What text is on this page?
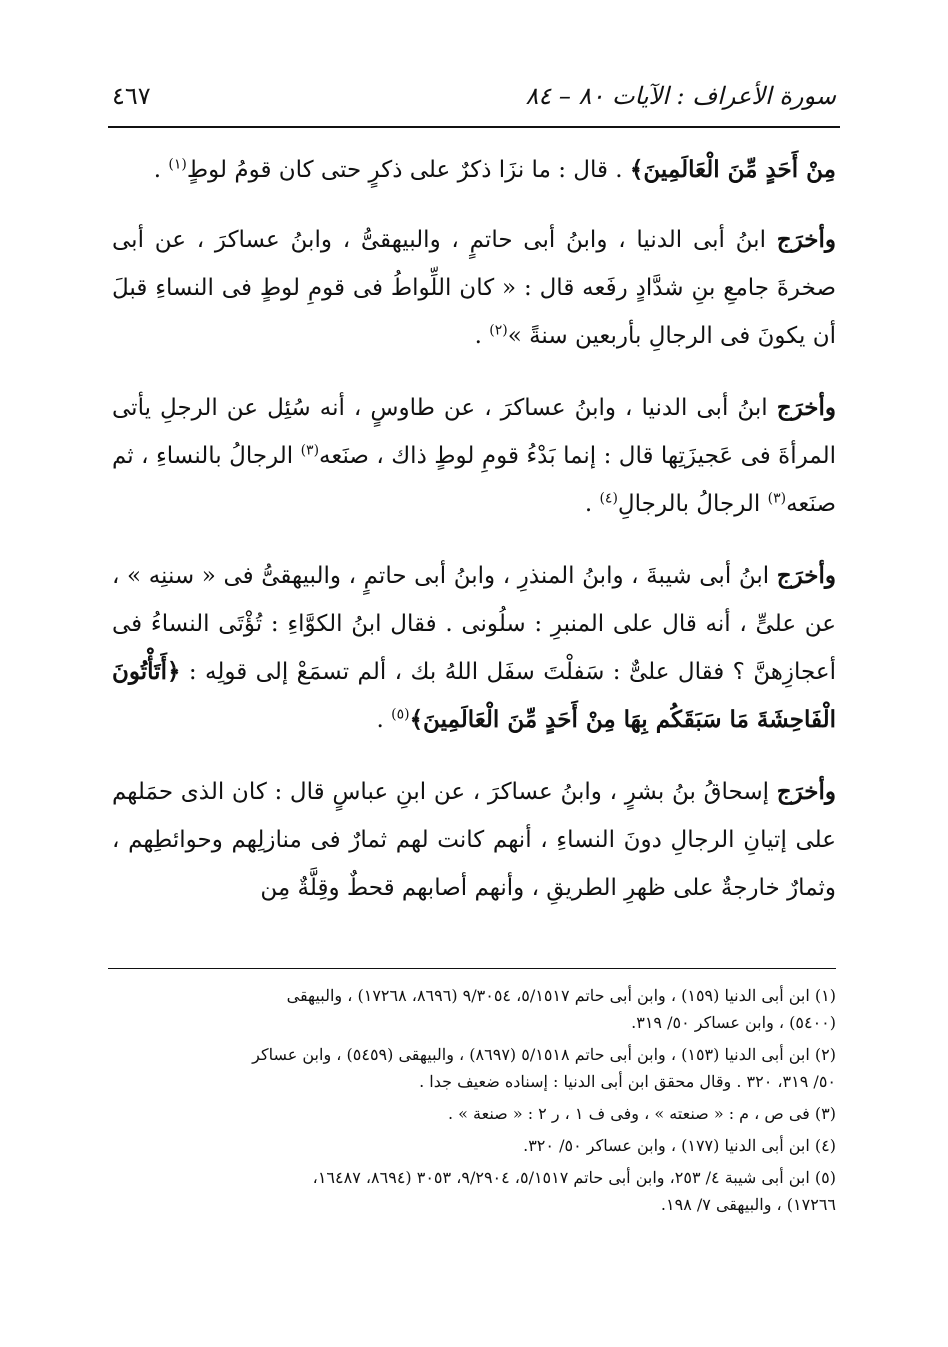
سورة الأعراف : الآيات ٨٠ – ٨٤
٤٦٧

مِنْ أَحَدٍ مِّنَ الْعَالَمِينَ﴾ . قال : ما نزَا ذكرٌ على ذكرٍ حتى كان قومُ لوطٍ$^{(١)}$ .

وأخرَج ابنُ أبى الدنيا ، وابنُ أبى حاتمٍ ، والبيهقىُّ ، وابنُ عساكرَ ، عن أبى صخرةَ جامعِ بنِ شدَّادٍ رفَعه قال : « كان اللِّواطُ فى قومِ لوطٍ فى النساءِ قبلَ أن يكونَ فى الرجالِ بأربعين سنةً »$^{(٢)}$ .

وأخرَج ابنُ أبى الدنيا ، وابنُ عساكرَ ، عن طاوسٍ ، أنه سُئِل عن الرجلِ يأتى المرأةَ فى عَجيزَتِها قال : إنما بَدْءُ قومِ لوطٍ ذاك ، صنَعه$^{(٣)}$ الرجالُ بالنساءِ ، ثم صنَعه$^{(٣)}$ الرجالُ بالرجالِ$^{(٤)}$ .

وأخرَج ابنُ أبى شيبةَ ، وابنُ المنذرِ ، وابنُ أبى حاتمٍ ، والبيهقىُّ فى « سننِه » ، عن علىٍّ ، أنه قال على المنبرِ : سلُونى . فقال ابنُ الكوَّاءِ : تُؤْتَى النساءُ فى أعجازِهنَّ ؟ فقال علىٌّ : سَفلْتَ سفَل اللهُ بك ، ألم تسمَعْ إلى قولِه : ﴿أَتَأْتُونَ الْفَاحِشَةَ مَا سَبَقَكُم بِهَا مِنْ أَحَدٍ مِّنَ الْعَالَمِينَ﴾$^{(٥)}$ .

وأخرَج إسحاقُ بنُ بشرٍ ، وابنُ عساكرَ ، عن ابنِ عباسٍ قال : كان الذى حمَلهم على إتيانِ الرجالِ دونَ النساءِ ، أنهم كانت لهم ثمارٌ فى منازلِهم وحوائطِهم ، وثمارٌ خارجةٌ على ظهرِ الطريقِ ، وأنهم أصابهم قحطٌ وقِلَّةٌ مِن

(١) ابن أبى الدنيا (١٥٩) ، وابن أبى حاتم ٥/١٥١٧، ٩/٣٠٥٤ (٨٦٩٦، ١٧٢٦٨) ، والبيهقى
(٥٤٠٠) ، وابن عساكر ٥٠/ ٣١٩.
(٢) ابن أبى الدنيا (١٥٣) ، وابن أبى حاتم ٥/١٥١٨ (٨٦٩٧) ، والبيهقى (٥٤٥٩) ، وابن عساكر
٥٠/ ٣١٩، ٣٢٠ . وقال محقق ابن أبى الدنيا : إسناده ضعيف جدا .
(٣) فى ص ، م : « صنعته » ، وفى ف ١ ، ر ٢ : « صنعة » .
(٤) ابن أبى الدنيا (١٧٧) ، وابن عساكر ٥٠/ ٣٢٠.
(٥) ابن أبى شيبة ٤/ ٢٥٣، وابن أبى حاتم ٥/١٥١٧، ٩/٢٩٠٤، ٣٠٥٣ (٨٦٩٤، ١٦٤٨٧،
١٧٢٦٦) ، والبيهقى ٧/ ١٩٨.
